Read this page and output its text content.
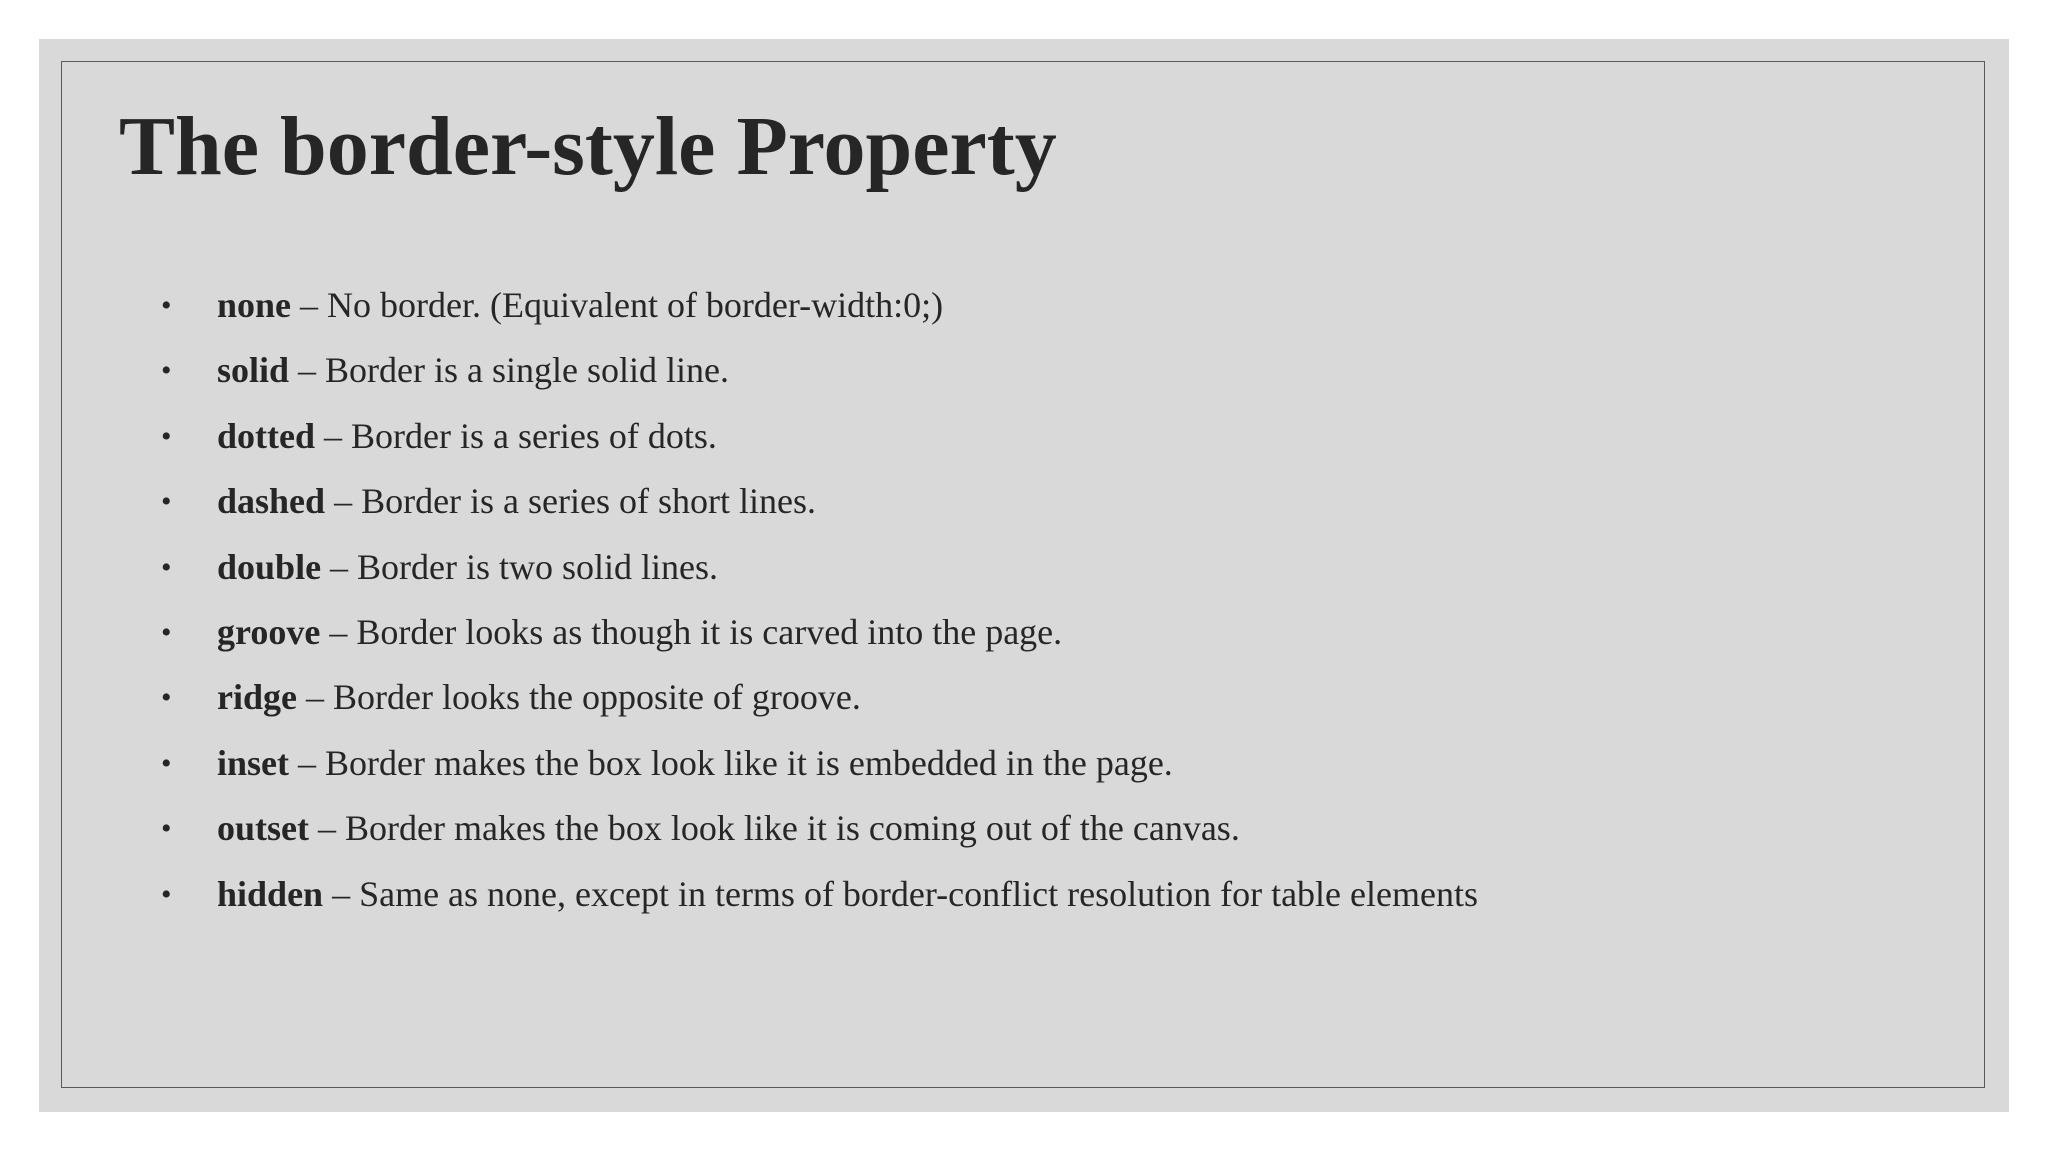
The border-style Property
• none – No border. (Equivalent of border-width:0;)
• solid – Border is a single solid line.
• dotted – Border is a series of dots.
• dashed – Border is a series of short lines.
• double – Border is two solid lines.
• groove – Border looks as though it is carved into the page.
• ridge – Border looks the opposite of groove.
• inset – Border makes the box look like it is embedded in the page.
• outset – Border makes the box look like it is coming out of the canvas.
• hidden – Same as none, except in terms of border-conflict resolution for table elements
